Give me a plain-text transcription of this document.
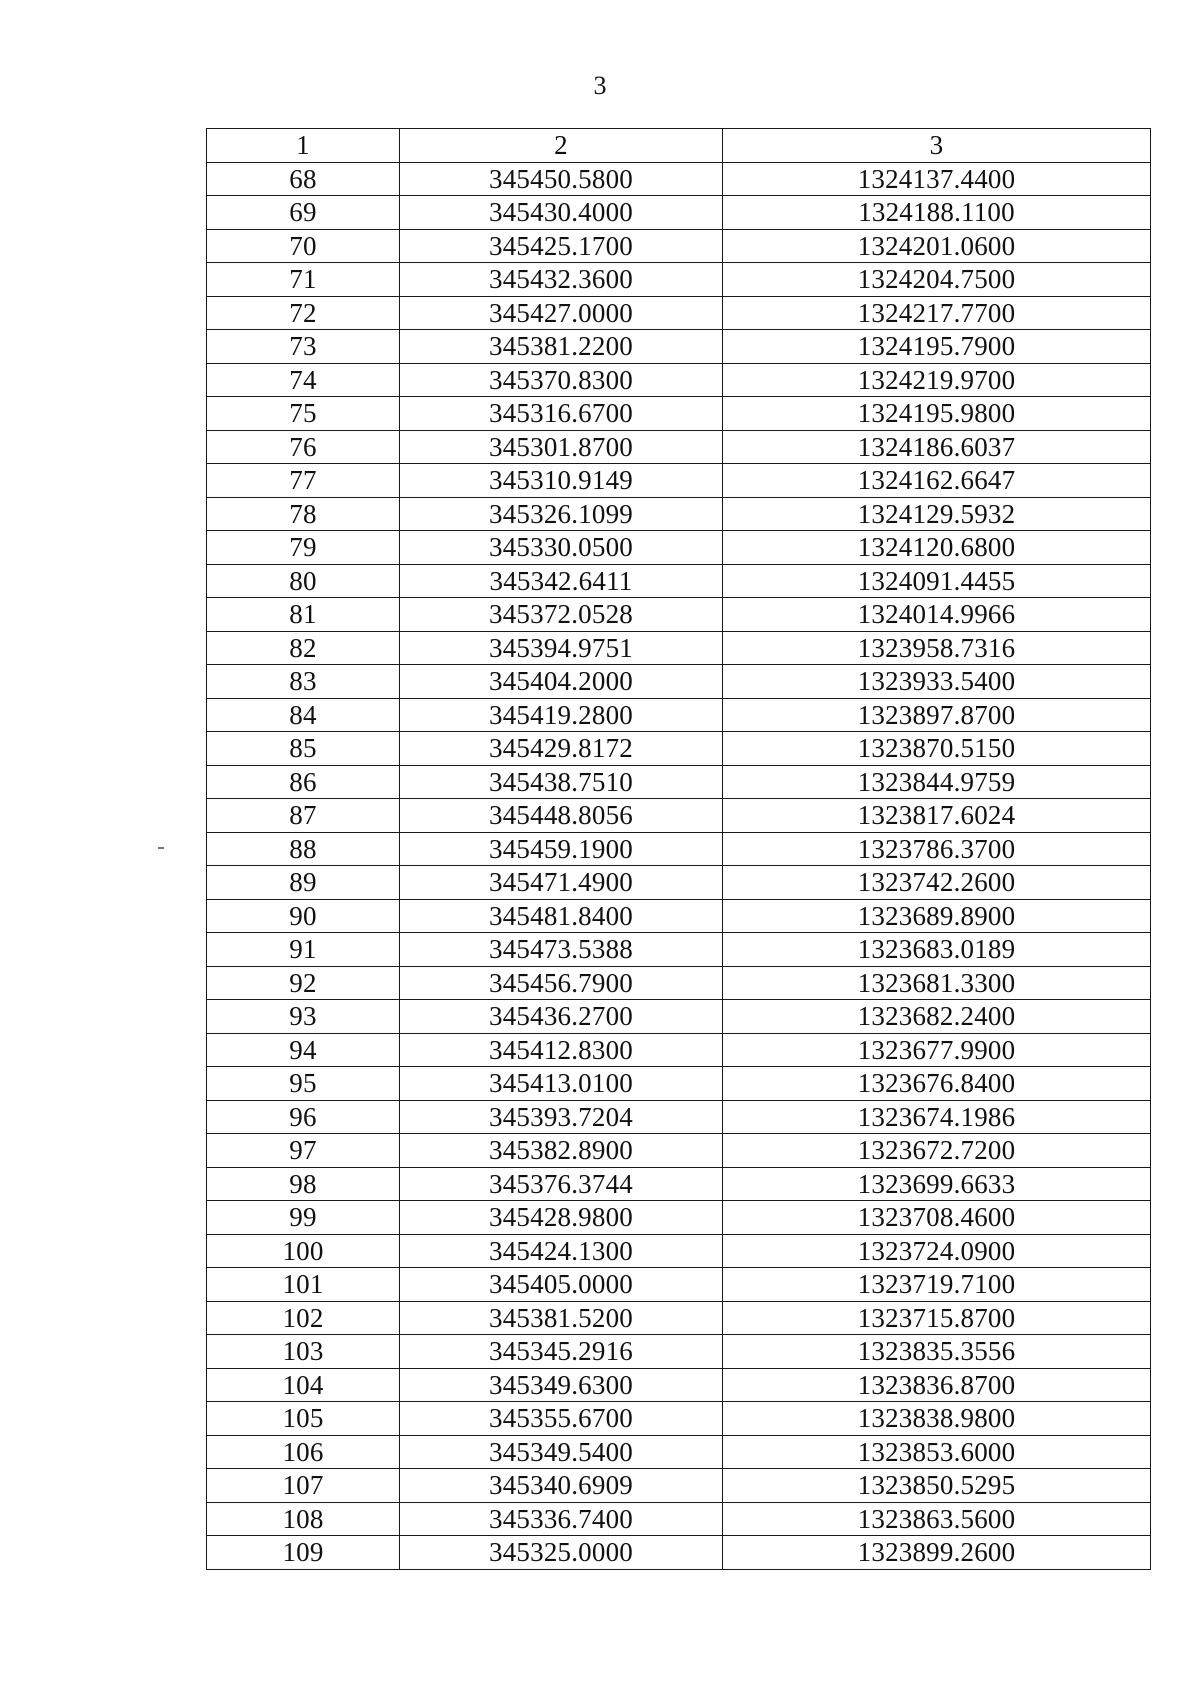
3
1	2	3
68	345450.5800	1324137.4400
69	345430.4000	1324188.1100
70	345425.1700	1324201.0600
71	345432.3600	1324204.7500
72	345427.0000	1324217.7700
73	345381.2200	1324195.7900
74	345370.8300	1324219.9700
75	345316.6700	1324195.9800
76	345301.8700	1324186.6037
77	345310.9149	1324162.6647
78	345326.1099	1324129.5932
79	345330.0500	1324120.6800
80	345342.6411	1324091.4455
81	345372.0528	1324014.9966
82	345394.9751	1323958.7316
83	345404.2000	1323933.5400
84	345419.2800	1323897.8700
85	345429.8172	1323870.5150
86	345438.7510	1323844.9759
87	345448.8056	1323817.6024
88	345459.1900	1323786.3700
89	345471.4900	1323742.2600
90	345481.8400	1323689.8900
91	345473.5388	1323683.0189
92	345456.7900	1323681.3300
93	345436.2700	1323682.2400
94	345412.8300	1323677.9900
95	345413.0100	1323676.8400
96	345393.7204	1323674.1986
97	345382.8900	1323672.7200
98	345376.3744	1323699.6633
99	345428.9800	1323708.4600
100	345424.1300	1323724.0900
101	345405.0000	1323719.7100
102	345381.5200	1323715.8700
103	345345.2916	1323835.3556
104	345349.6300	1323836.8700
105	345355.6700	1323838.9800
106	345349.5400	1323853.6000
107	345340.6909	1323850.5295
108	345336.7400	1323863.5600
109	345325.0000	1323899.2600
